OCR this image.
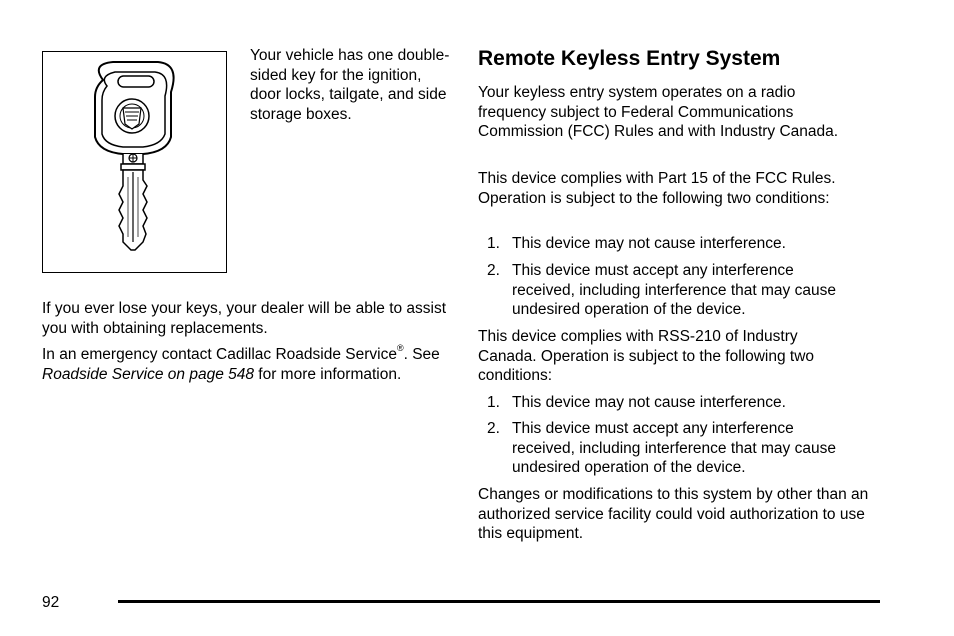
Your vehicle has one double-sided key for the ignition, door locks, tailgate, and side storage boxes.

If you ever lose your keys, your dealer will be able to assist you with obtaining replacements.

In an emergency contact Cadillac Roadside Service®. See Roadside Service on page 548 for more information.

Remote Keyless Entry System

Your keyless entry system operates on a radio frequency subject to Federal Communications Commission (FCC) Rules and with Industry Canada.

This device complies with Part 15 of the FCC Rules. Operation is subject to the following two conditions:

1. This device may not cause interference.
2. This device must accept any interference received, including interference that may cause undesired operation of the device.

This device complies with RSS-210 of Industry Canada. Operation is subject to the following two conditions:

1. This device may not cause interference.
2. This device must accept any interference received, including interference that may cause undesired operation of the device.

Changes or modifications to this system by other than an authorized service facility could void authorization to use this equipment.

92
